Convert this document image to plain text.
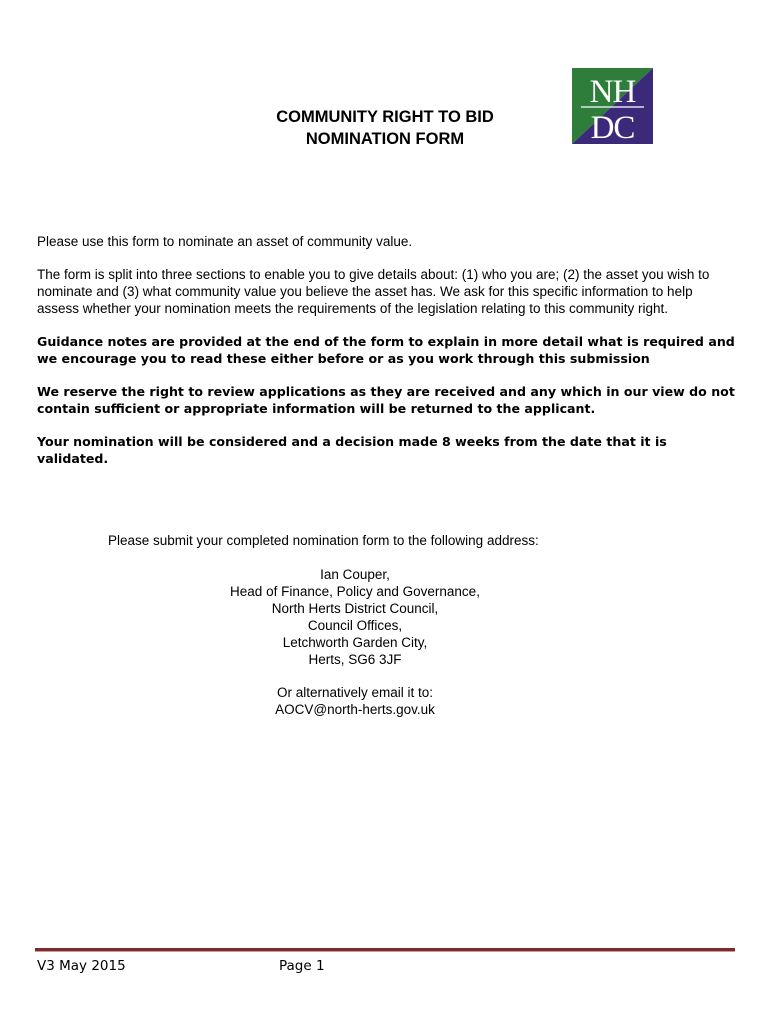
COMMUNITY RIGHT TO BID
NOMINATION FORM
NH
DC

Please use this form to nominate an asset of community value.

The form is split into three sections to enable you to give details about: (1) who you are; (2) the asset you wish to nominate and (3) what community value you believe the asset has. We ask for this specific information to help assess whether your nomination meets the requirements of the legislation relating to this community right.

Guidance notes are provided at the end of the form to explain in more detail what is required and we encourage you to read these either before or as you work through this submission

We reserve the right to review applications as they are received and any which in our view do not contain sufficient or appropriate information will be returned to the applicant.

Your nomination will be considered and a decision made 8 weeks from the date that it is validated.

Please submit your completed nomination form to the following address:
Ian Couper,
Head of Finance, Policy and Governance,
North Herts District Council,
Council Offices,
Letchworth Garden City,
Herts, SG6 3JF
Or alternatively email it to:
AOCV@north-herts.gov.uk
V3 May 2015	Page 1
